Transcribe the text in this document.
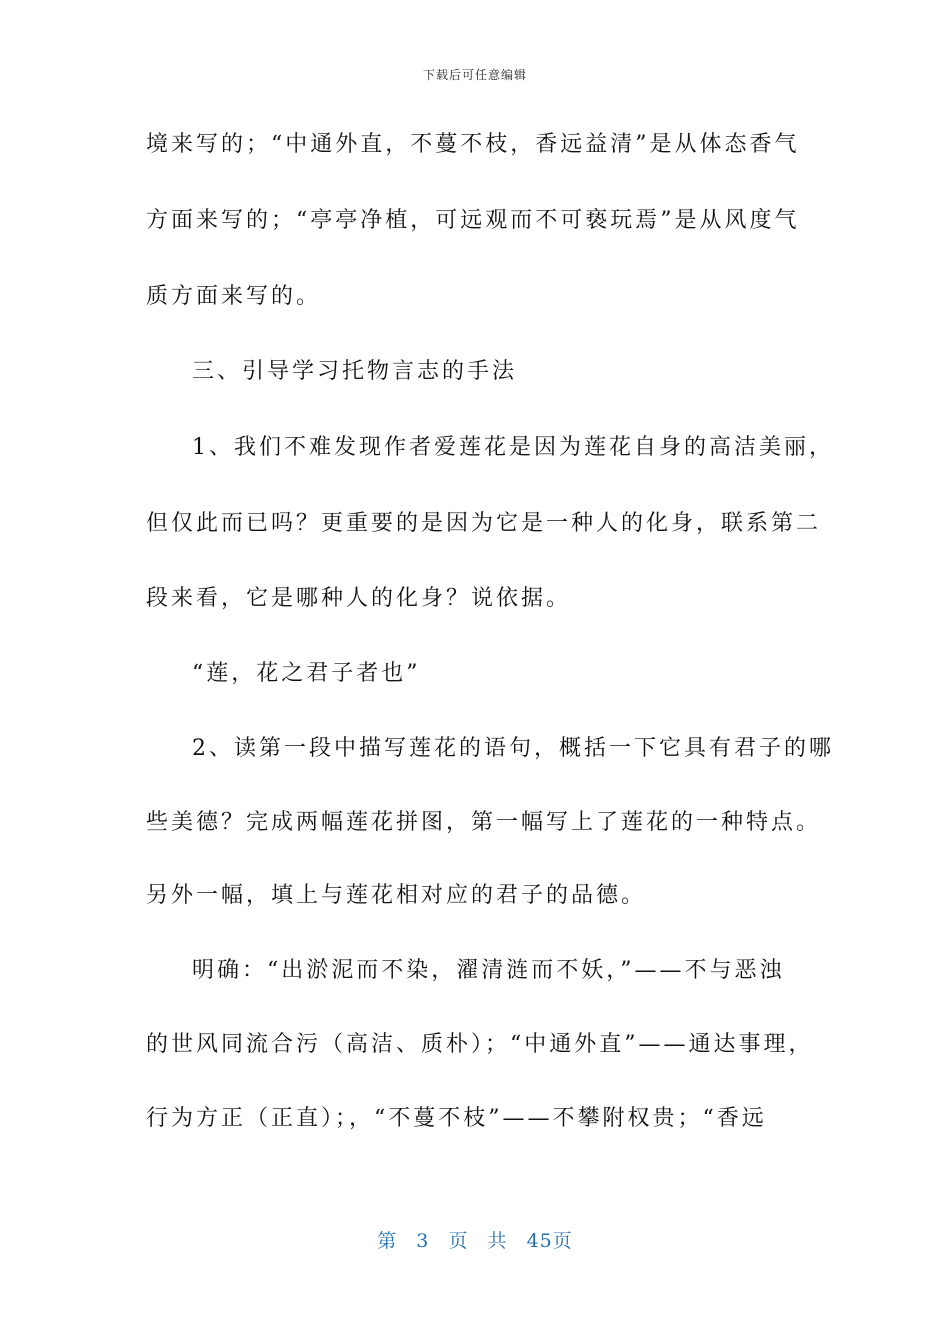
下载后可任意编辑
境来写的；“中通外直，不蔓不枝，香远益清”是从体态香气
方面来写的；“亭亭净植，可远观而不可亵玩焉”是从风度气
质方面来写的。
三、引导学习托物言志的手法
1、我们不难发现作者爱莲花是因为莲花自身的高洁美丽，
但仅此而已吗？更重要的是因为它是一种人的化身，联系第二
段来看，它是哪种人的化身？说依据。
“莲，花之君子者也”
2、读第一段中描写莲花的语句，概括一下它具有君子的哪
些美德？完成两幅莲花拼图，第一幅写上了莲花的一种特点。
另外一幅，填上与莲花相对应的君子的品德。
明确：“出淤泥而不染，濯清涟而不妖，”——不与恶浊
的世风同流合污（高洁、质朴）；“中通外直”——通达事理，
行为方正（正直）；，“不蔓不枝”——不攀附权贵；“香远
第 3 页 共 45页
